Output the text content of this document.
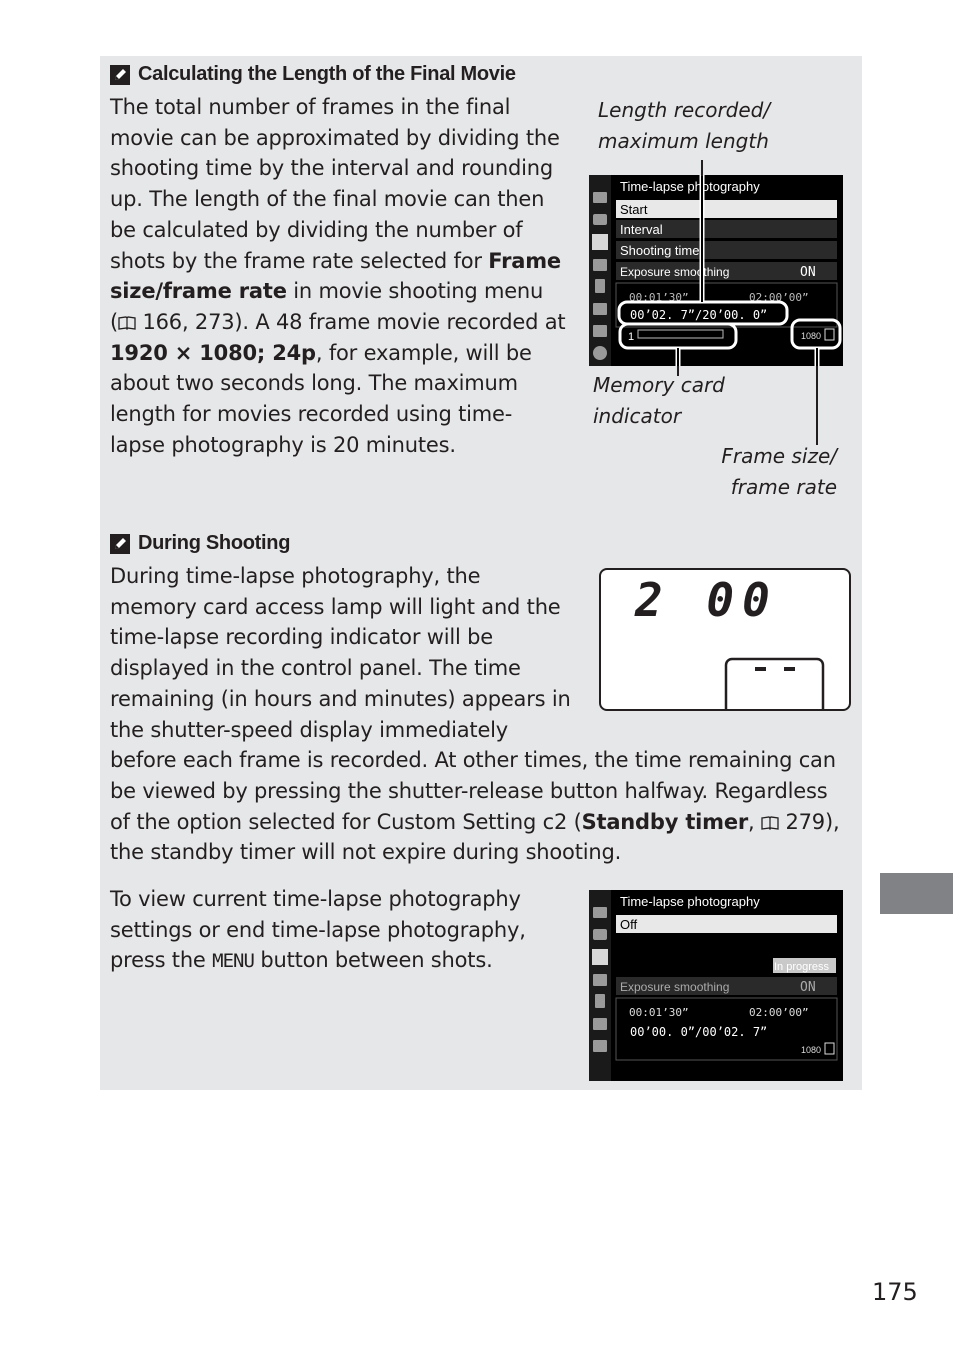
Calculating the Length of the Final Movie

The total number of frames in the final
movie can be approximated by dividing the
shooting time by the interval and rounding
up. The length of the final movie can then
be calculated by dividing the number of
shots by the frame rate selected for Frame
size/frame rate in movie shooting menu
( 166, 273). A 48 frame movie recorded at
1920 × 1080; 24p, for example, will be
about two seconds long. The maximum
length for movies recorded using time-
lapse photography is 20 minutes.

Length recorded/
maximum length
Time-lapse photography
Start
Interval
Shooting time
Exposure smoothing	ON
00:01’30”	02:00’00”
00’02. 7”/20’00. 0”
1	1080
Memory card
indicator
Frame size/
frame rate
During Shooting

During time-lapse photography, the
memory card access lamp will light and the
time-lapse recording indicator will be
displayed in the control panel. The time
remaining (in hours and minutes) appears in
the shutter-speed display immediately
before each frame is recorded. At other times, the time remaining can
be viewed by pressing the shutter-release button halfway. Regardless
of the option selected for Custom Setting c2 (Standby timer,  279),
the standby timer will not expire during shooting.

2 00

To view current time-lapse photography
settings or end time-lapse photography,
press the MENU button between shots.

Time-lapse photography
Off
In progress
Exposure smoothing	ON
00:01’30”	02:00’00”
00’00. 0”/00’02. 7”
1080
175
